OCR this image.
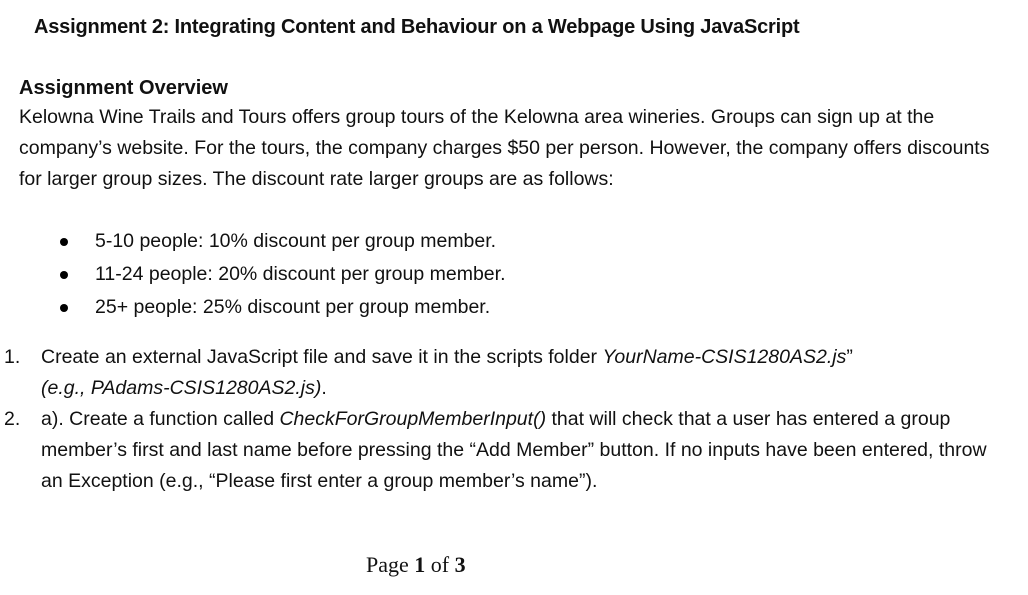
Assignment 2: Integrating Content and Behaviour on a Webpage Using JavaScript
Assignment Overview
Kelowna Wine Trails and Tours offers group tours of the Kelowna area wineries. Groups can sign up at the company’s website. For the tours, the company charges $50 per person. However, the company offers discounts for larger group sizes. The discount rate larger groups are as follows:
5-10 people: 10% discount per group member.
11-24 people: 20% discount per group member.
25+ people: 25% discount per group member.
1. Create an external JavaScript file and save it in the scripts folder YourName-CSIS1280AS2.js”
(e.g., PAdams-CSIS1280AS2.js).
2. a). Create a function called CheckForGroupMemberInput() that will check that a user has entered a group member’s first and last name before pressing the “Add Member” button. If no inputs have been entered, throw an Exception (e.g., “Please first enter a group member’s name”).
Page 1 of 3
